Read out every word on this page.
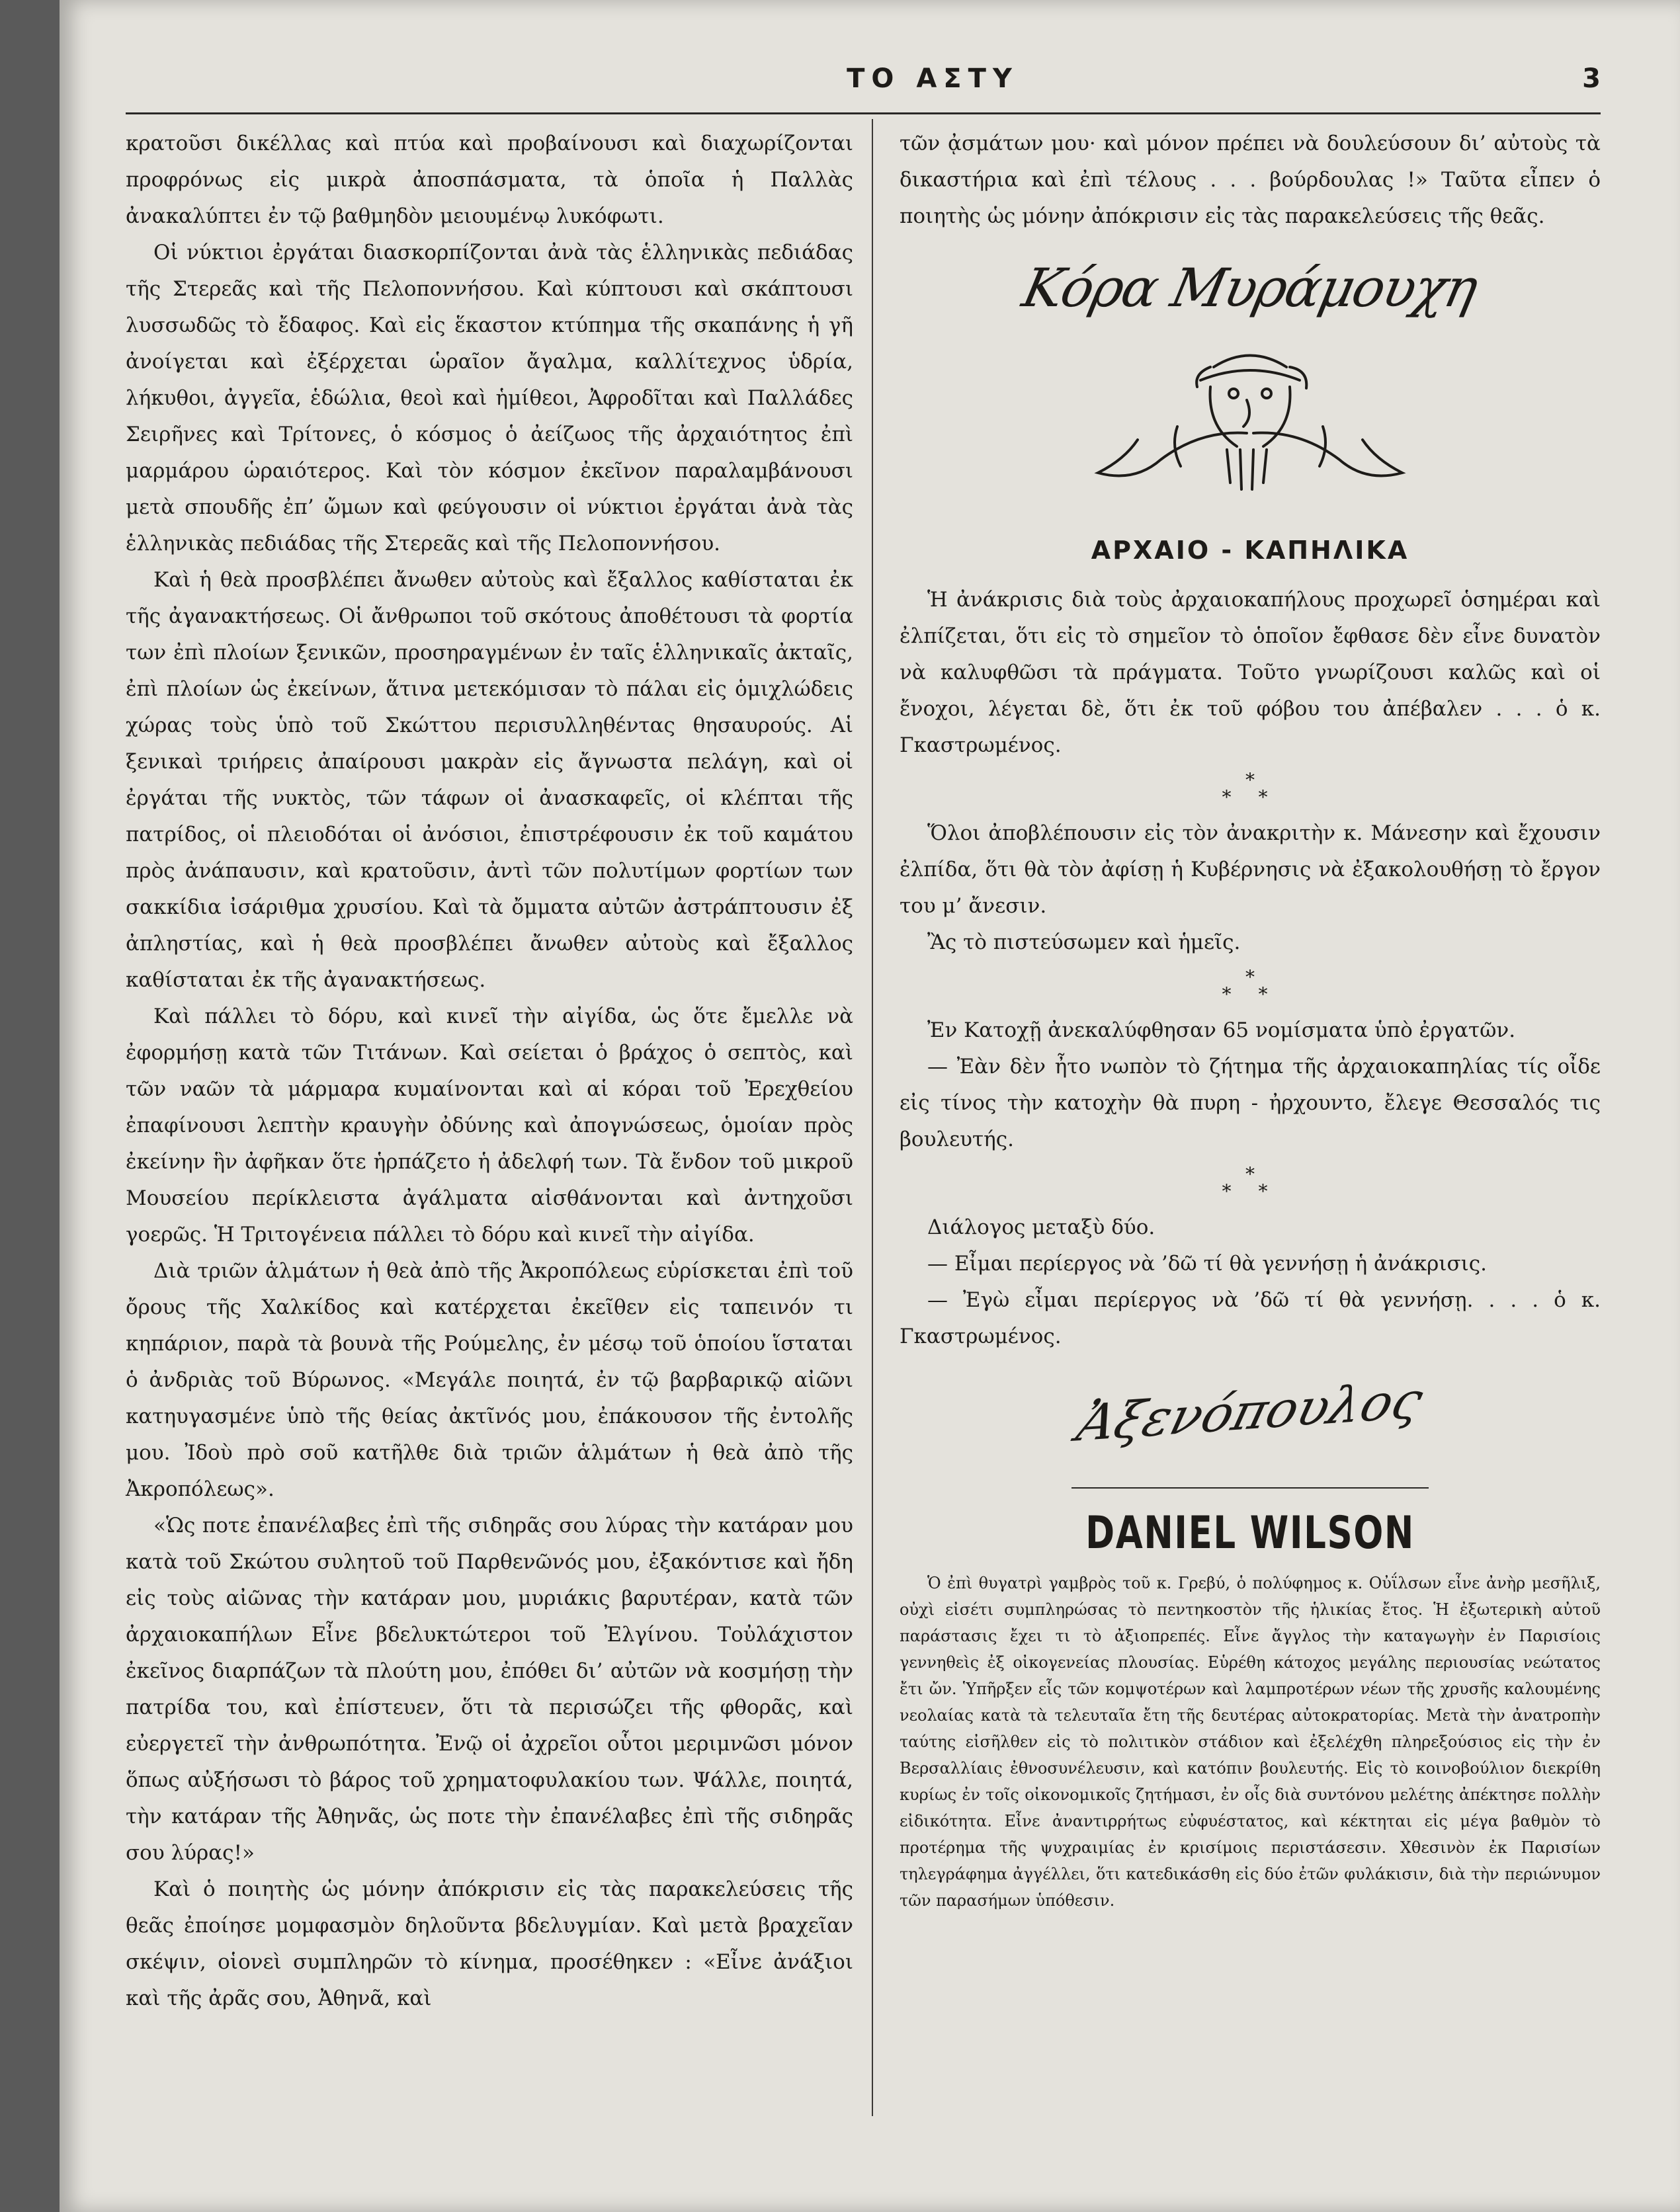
ΤΟ ΑΣΤΥ	3

κρατοῦσι δικέλλας καὶ πτύα καὶ προβαίνουσι καὶ διαχωρίζονται προφρόνως εἰς μικρὰ ἀποσπάσματα, τὰ ὁποῖα ἡ Παλλὰς ἀνακαλύπτει ἐν τῷ βαθμηδὸν μειουμένῳ λυκόφωτι.

Οἱ νύκτιοι ἐργάται διασκορπίζονται ἀνὰ τὰς ἑλληνικὰς πεδιάδας τῆς Στερεᾶς καὶ τῆς Πελοποννήσου. Καὶ κύπτουσι καὶ σκάπτουσι λυσσωδῶς τὸ ἔδαφος. Καὶ εἰς ἕκαστον κτύπημα τῆς σκαπάνης ἡ γῆ ἀνοίγεται καὶ ἐξέρχεται ὡραῖον ἄγαλμα, καλλίτεχνος ὑδρία, λήκυθοι, ἀγγεῖα, ἑδώλια, θεοὶ καὶ ἡμίθεοι, Ἀφροδῖται καὶ Παλλάδες Σειρῆνες καὶ Τρίτονες, ὁ κόσμος ὁ ἀείζωος τῆς ἀρχαιότητος ἐπὶ μαρμάρου ὡραιότερος. Καὶ τὸν κόσμον ἐκεῖνον παραλαμβάνουσι μετὰ σπουδῆς ἐπ’ ὤμων καὶ φεύγουσιν οἱ νύκτιοι ἐργάται ἀνὰ τὰς ἑλληνικὰς πεδιάδας τῆς Στερεᾶς καὶ τῆς Πελοποννήσου.

Καὶ ἡ θεὰ προσβλέπει ἄνωθεν αὐτοὺς καὶ ἔξαλλος καθίσταται ἐκ τῆς ἀγανακτήσεως. Οἱ ἄνθρωποι τοῦ σκότους ἀποθέτουσι τὰ φορτία των ἐπὶ πλοίων ξενικῶν, προσηραγμένων ἐν ταῖς ἑλληνικαῖς ἀκταῖς, ἐπὶ πλοίων ὡς ἐκείνων, ἅτινα μετεκόμισαν τὸ πάλαι εἰς ὁμιχλώδεις χώρας τοὺς ὑπὸ τοῦ Σκώττου περισυλληθέντας θησαυρούς. Αἱ ξενικαὶ τριήρεις ἀπαίρουσι μακρὰν εἰς ἄγνωστα πελάγη, καὶ οἱ ἐργάται τῆς νυκτὸς, τῶν τάφων οἱ ἀνασκαφεῖς, οἱ κλέπται τῆς πατρίδος, οἱ πλειοδόται οἱ ἀνόσιοι, ἐπιστρέφουσιν ἐκ τοῦ καμάτου πρὸς ἀνάπαυσιν, καὶ κρατοῦσιν, ἀντὶ τῶν πολυτίμων φορτίων των σακκίδια ἰσάριθμα χρυσίου. Καὶ τὰ ὄμματα αὐτῶν ἀστράπτουσιν ἐξ ἀπληστίας, καὶ ἡ θεὰ προσβλέπει ἄνωθεν αὐτοὺς καὶ ἔξαλλος καθίσταται ἐκ τῆς ἀγανακτήσεως.

Καὶ πάλλει τὸ δόρυ, καὶ κινεῖ τὴν αἰγίδα, ὡς ὅτε ἔμελλε νὰ ἐφορμήσῃ κατὰ τῶν Τιτάνων. Καὶ σείεται ὁ βράχος ὁ σεπτὸς, καὶ τῶν ναῶν τὰ μάρμαρα κυμαίνονται καὶ αἱ κόραι τοῦ Ἐρεχθείου ἐπαφίνουσι λεπτὴν κραυγὴν ὀδύνης καὶ ἀπογνώσεως, ὁμοίαν πρὸς ἐκείνην ἣν ἀφῆκαν ὅτε ἡρπάζετο ἡ ἀδελφή των. Τὰ ἔνδον τοῦ μικροῦ Μουσείου περίκλειστα ἀγάλματα αἰσθάνονται καὶ ἀντηχοῦσι γοερῶς. Ἡ Τριτογένεια πάλλει τὸ δόρυ καὶ κινεῖ τὴν αἰγίδα.

Διὰ τριῶν ἁλμάτων ἡ θεὰ ἀπὸ τῆς Ἀκροπόλεως εὑρίσκεται ἐπὶ τοῦ ὄρους τῆς Χαλκίδος καὶ κατέρχεται ἐκεῖθεν εἰς ταπεινόν τι κηπάριον, παρὰ τὰ βουνὰ τῆς Ρούμελης, ἐν μέσῳ τοῦ ὁποίου ἵσταται ὁ ἀνδριὰς τοῦ Βύρωνος. «Μεγάλε ποιητά, ἐν τῷ βαρβαρικῷ αἰῶνι κατηυγασμένε ὑπὸ τῆς θείας ἀκτῖνός μου, ἐπάκουσον τῆς ἐντολῆς μου. Ἰδοὺ πρὸ σοῦ κατῆλθε διὰ τριῶν ἁλμάτων ἡ θεὰ ἀπὸ τῆς Ἀκροπόλεως».

«Ὡς ποτε ἐπανέλαβες ἐπὶ τῆς σιδηρᾶς σου λύρας τὴν κατάραν μου κατὰ τοῦ Σκώτου συλητοῦ τοῦ Παρθενῶνός μου, ἐξακόντισε καὶ ἤδη εἰς τοὺς αἰῶνας τὴν κατάραν μου, μυριάκις βαρυτέραν, κατὰ τῶν ἀρχαιοκαπήλων Εἶνε βδελυκτώτεροι τοῦ Ἐλγίνου. Τοὐλάχιστον ἐκεῖνος διαρπάζων τὰ πλούτη μου, ἐπόθει δι’ αὐτῶν νὰ κοσμήσῃ τὴν πατρίδα του, καὶ ἐπίστευεν, ὅτι τὰ περισώζει τῆς φθορᾶς, καὶ εὐεργετεῖ τὴν ἀνθρωπότητα. Ἐνῷ οἱ ἀχρεῖοι οὗτοι μεριμνῶσι μόνον ὅπως αὐξήσωσι τὸ βάρος τοῦ χρηματοφυλακίου των. Ψάλλε, ποιητά, τὴν κατάραν τῆς Ἀθηνᾶς, ὡς ποτε τὴν ἐπανέλαβες ἐπὶ τῆς σιδηρᾶς σου λύρας!»

Καὶ ὁ ποιητὴς ὡς μόνην ἀπόκρισιν εἰς τὰς παρακελεύσεις τῆς θεᾶς ἐποίησε μομφασμὸν δηλοῦντα βδελυγμίαν. Καὶ μετὰ βραχεῖαν σκέψιν, οἱονεὶ συμπληρῶν τὸ κίνημα, προσέθηκεν : «Εἶνε ἀνάξιοι καὶ τῆς ἀρᾶς σου, Ἀθηνᾶ, καὶ

τῶν ᾀσμάτων μου· καὶ μόνον πρέπει νὰ δουλεύσουν δι’ αὐτοὺς τὰ δικαστήρια καὶ ἐπὶ τέλους . . . βούρδουλας !» Ταῦτα εἶπεν ὁ ποιητὴς ὡς μόνην ἀπόκρισιν εἰς τὰς παρακελεύσεις τῆς θεᾶς.

Κόρα Μυράμουχη
ΑΡΧΑΙΟ - ΚΑΠΗΛΙΚΑ

Ἡ ἀνάκρισις διὰ τοὺς ἀρχαιοκαπήλους προχωρεῖ ὁσημέραι καὶ ἐλπίζεται, ὅτι εἰς τὸ σημεῖον τὸ ὁποῖον ἔφθασε δὲν εἶνε δυνατὸν νὰ καλυφθῶσι τὰ πράγματα. Τοῦτο γνωρίζουσι καλῶς καὶ οἱ ἔνοχοι, λέγεται δὲ, ὅτι ἐκ τοῦ φόβου του ἀπέβαλεν . . . ὁ κ. Γκαστρωμένος.

*
* *

Ὅλοι ἀποβλέπουσιν εἰς τὸν ἀνακριτὴν κ. Μάνεσην καὶ ἔχουσιν ἐλπίδα, ὅτι θὰ τὸν ἀφίσῃ ἡ Κυβέρνησις νὰ ἐξακολουθήσῃ τὸ ἔργον του μ’ ἄνεσιν.

Ἂς τὸ πιστεύσωμεν καὶ ἡμεῖς.

*
* *

Ἐν Κατοχῇ ἀνεκαλύφθησαν 65 νομίσματα ὑπὸ ἐργατῶν.

— Ἐὰν δὲν ἦτο νωπὸν τὸ ζήτημα τῆς ἀρχαιοκαπηλίας τίς οἶδε εἰς τίνος τὴν κατοχὴν θὰ πυρη - ἠρχουντο, ἔλεγε Θεσσαλός τις βουλευτής.

*
* *

Διάλογος μεταξὺ δύο.

— Εἶμαι περίεργος νὰ ’δῶ τί θὰ γεννήσῃ ἡ ἀνάκρισις.

— Ἐγὼ εἶμαι περίεργος νὰ ’δῶ τί θὰ γεννήσῃ. . . . ὁ κ. Γκαστρωμένος.

Ἀξενόπουλος
DANIEL WILSON

Ὁ ἐπὶ θυγατρὶ γαμβρὸς τοῦ κ. Γρεβύ, ὁ πολύφημος κ. Οὐΐλσων εἶνε ἀνὴρ μεσῆλιξ, οὐχὶ εἰσέτι συμπληρώσας τὸ πεντηκοστὸν τῆς ἡλικίας ἔτος. Ἡ ἐξωτερικὴ αὐτοῦ παράστασις ἔχει τι τὸ ἀξιοπρεπές. Εἶνε ἄγγλος τὴν καταγωγὴν ἐν Παρισίοις γεννηθεὶς ἐξ οἰκογενείας πλουσίας. Εὑρέθη κάτοχος μεγάλης περιουσίας νεώτατος ἔτι ὤν. Ὑπῆρξεν εἷς τῶν κομψοτέρων καὶ λαμπροτέρων νέων τῆς χρυσῆς καλουμένης νεολαίας κατὰ τὰ τελευταῖα ἔτη τῆς δευτέρας αὐτοκρατορίας. Μετὰ τὴν ἀνατροπὴν ταύτης εἰσῆλθεν εἰς τὸ πολιτικὸν στάδιον καὶ ἐξελέχθη πληρεξούσιος εἰς τὴν ἐν Βερσαλλίαις ἐθνοσυνέλευσιν, καὶ κατόπιν βουλευτής. Εἰς τὸ κοινοβούλιον διεκρίθη κυρίως ἐν τοῖς οἰκονομικοῖς ζητήμασι, ἐν οἷς διὰ συντόνου μελέτης ἀπέκτησε πολλὴν εἰδικότητα. Εἶνε ἀναντιρρήτως εὐφυέστατος, καὶ κέκτηται εἰς μέγα βαθμὸν τὸ προτέρημα τῆς ψυχραιμίας ἐν κρισίμοις περιστάσεσιν. Χθεσινὸν ἐκ Παρισίων τηλεγράφημα ἀγγέλλει, ὅτι κατεδικάσθη εἰς δύο ἐτῶν φυλάκισιν, διὰ τὴν περιώνυμον τῶν παρασήμων ὑπόθεσιν.
